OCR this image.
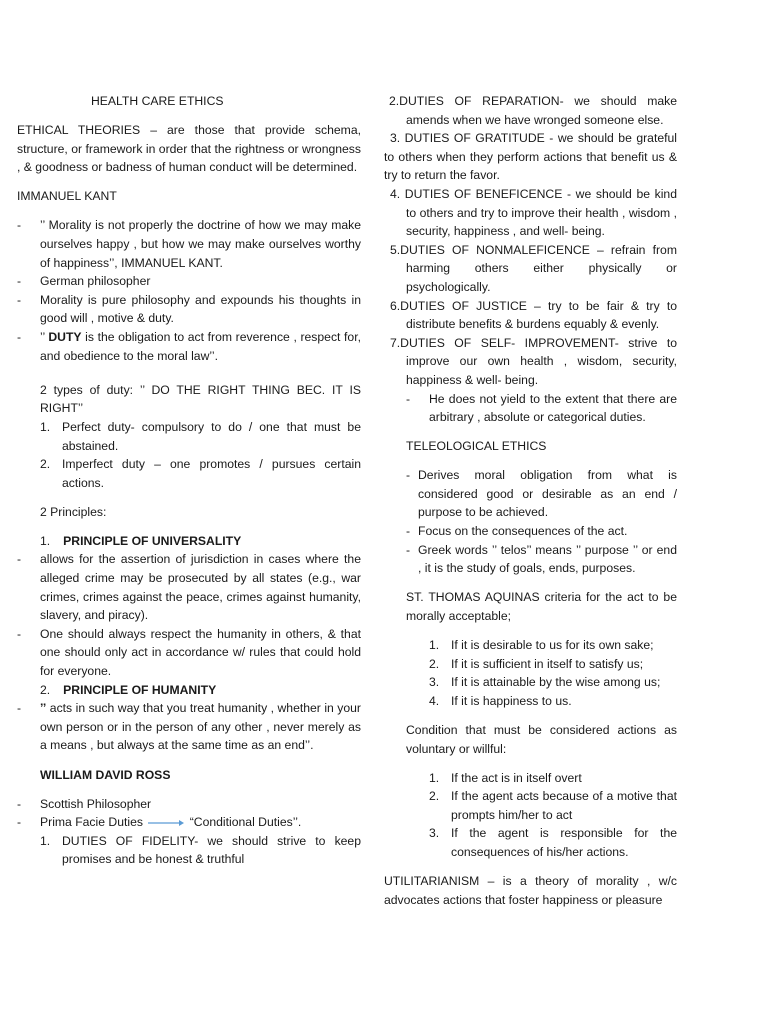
HEALTH CARE ETHICS

ETHICAL THEORIES – are those that provide schema, structure, or framework in order that the rightness or wrongness , & goodness or badness of human conduct will be determined.

IMMANUEL KANT

- ’’ Morality is not properly the doctrine of how we may make ourselves happy , but how we may make ourselves worthy of happiness’’, IMMANUEL KANT.
- German philosopher
- Morality is pure philosophy and expounds his thoughts in good will , motive & duty.
- ’’ DUTY is the obligation to act from reverence , respect for, and obedience to the moral law’’.

2 types of duty: ’’ DO THE RIGHT THING BEC. IT IS RIGHT’’

1. Perfect duty- compulsory to do / one that must be abstained.
2. Imperfect duty – one promotes / pursues certain actions.

2 Principles:

1. PRINCIPLE OF UNIVERSALITY

- allows for the assertion of jurisdiction in cases where the alleged crime may be prosecuted by all states (e.g., war crimes, crimes against the peace, crimes against humanity, slavery, and piracy).
- One should always respect the humanity in others, & that one should only act in accordance w/ rules that could hold for everyone.

2. PRINCIPLE OF HUMANITY

- ’’ acts in such way that you treat humanity , whether in your own person or in the person of any other , never merely as a means , but always at the same time as an end’’.

WILLIAM DAVID ROSS

- Scottish Philosopher
- Prima Facie Duties	“Conditional Duties’’.
1. DUTIES OF FIDELITY- we should strive to keep promises and be honest & truthful

2.DUTIES OF REPARATION- we should make amends when we have wronged someone else.

3. DUTIES OF GRATITUDE - we should be grateful to others when they perform actions that benefit us & try to return the favor.

4. DUTIES OF BENEFICENCE - we should be kind to others and try to improve their health , wisdom , security, happiness , and well- being.

5.DUTIES OF NONMALEFICENCE – refrain from harming others either physically or psychologically.

6.DUTIES OF JUSTICE – try to be fair & try to distribute benefits & burdens equably & evenly.

7.DUTIES OF SELF- IMPROVEMENT- strive to improve our own health , wisdom, security, happiness & well- being.

- He does not yield to the extent that there are arbitrary , absolute or categorical duties.

TELEOLOGICAL ETHICS

- Derives moral obligation from what is considered good or desirable as an end / purpose to be achieved.
- Focus on the consequences of the act.
- Greek words ’’ telos’’ means ’’ purpose ’’ or end , it is the study of goals, ends, purposes.

ST. THOMAS AQUINAS criteria for the act to be morally acceptable;

1. If it is desirable to us for its own sake;
2. If it is sufficient in itself to satisfy us;
3. If it is attainable by the wise among us;
4. If it is happiness to us.

Condition that must be considered actions as voluntary or willful:

1. If the act is in itself overt
2. If the agent acts because of a motive that prompts him/her to act
3. If the agent is responsible for the consequences of his/her actions.

UTILITARIANISM – is a theory of morality , w/c advocates actions that foster happiness or pleasure
